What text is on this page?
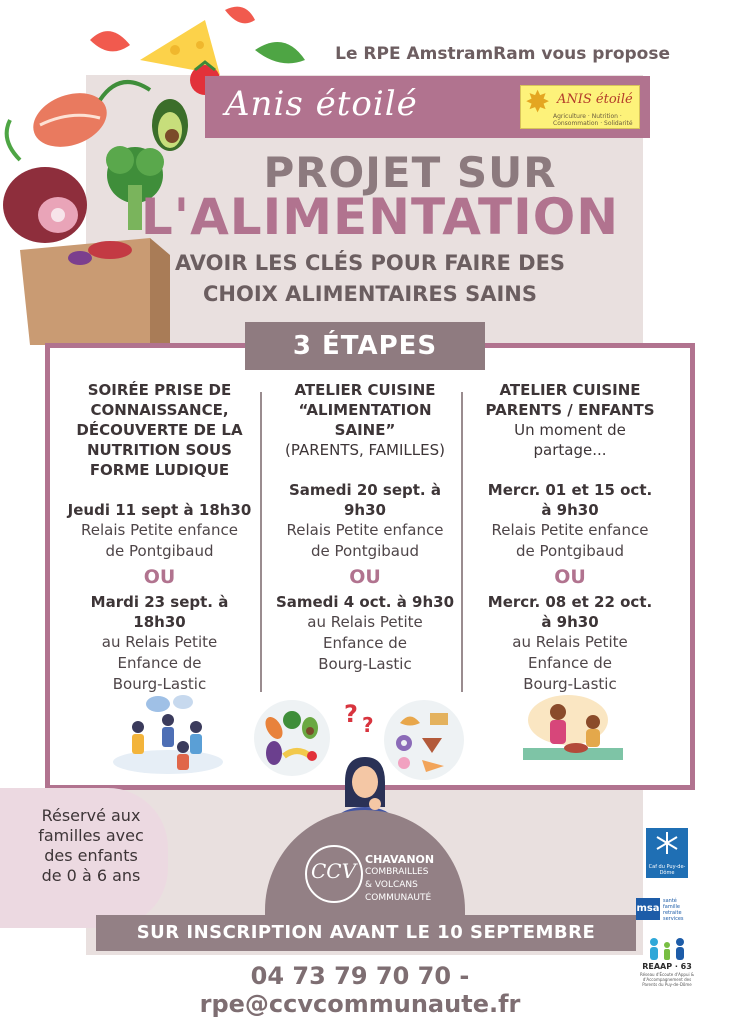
Le RPE AmstramRam vous propose
Anis étoilé	✸ ANIS étoilé
Agriculture · Nutrition · Consommation · Solidarité
PROJET SUR
L'ALIMENTATION
AVOIR LES CLÉS POUR FAIRE DES
CHOIX ALIMENTAIRES SAINS
3 ÉTAPES
SOIRÉE PRISE DE
CONNAISSANCE,
DÉCOUVERTE DE LA
NUTRITION SOUS
FORME LUDIQUE
Jeudi 11 sept à 18h30
Relais Petite enfance
de Pontgibaud
OU
Mardi 23 sept. à
18h30
au Relais Petite
Enfance de
Bourg-Lastic
ATELIER CUISINE
“ALIMENTATION
SAINE”
(PARENTS, FAMILLES)
Samedi 20 sept. à
9h30
Relais Petite enfance
de Pontgibaud
OU
Samedi 4 oct. à 9h30
au Relais Petite
Enfance de
Bourg-Lastic
ATELIER CUISINE
PARENTS / ENFANTS
Un moment de
partage...
Mercr. 01 et 15 oct.
à 9h30
Relais Petite enfance
de Pontgibaud
OU
Mercr. 08 et 22 oct.
à 9h30
au Relais Petite
Enfance de
Bourg-Lastic
? ?
Réservé aux
familles avec
des enfants
de 0 à 6 ans	CCV CHAVANON
COMBRAILLES
& VOLCANS
COMMUNAUTÉ
SUR INSCRIPTION AVANT LE 10 SEPTEMBRE
04 73 79 70 70 - rpe@ccvcommunaute.fr
Caf du Puy-de-Dôme
msa
santé
famille
retraite
services
REAAP · 63
Réseau d'Écoute d'Appui & d'Accompagnement des Parents du Puy-de-Dôme
